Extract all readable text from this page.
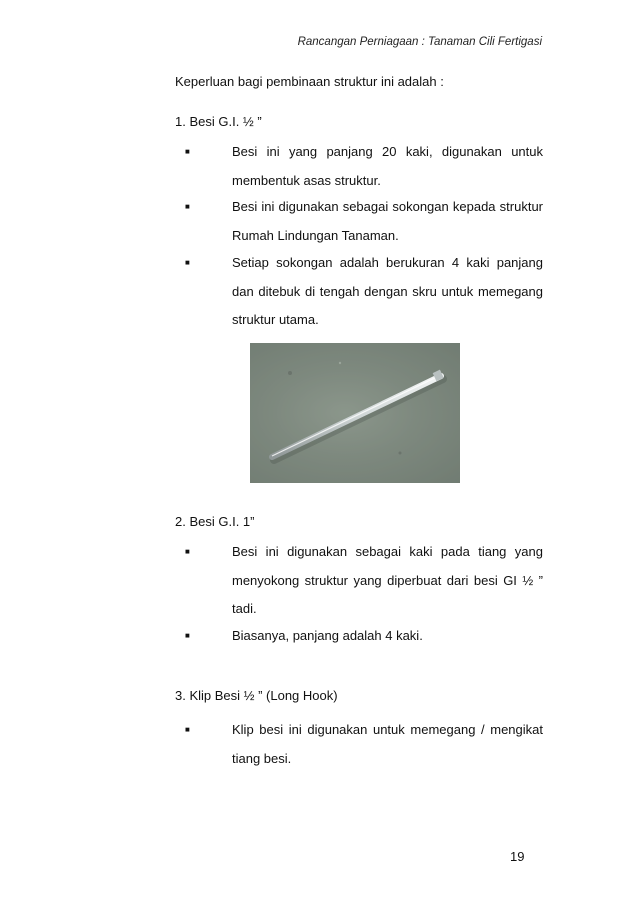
Rancangan Perniagaan : Tanaman Cili Fertigasi
Keperluan bagi pembinaan struktur ini adalah :
1. Besi G.I. ½ ”
■	Besi ini yang panjang 20 kaki, digunakan untuk membentuk asas struktur.
■	Besi ini digunakan sebagai sokongan kepada struktur Rumah Lindungan Tanaman.
■	Setiap sokongan adalah berukuran 4 kaki panjang dan ditebuk di tengah dengan skru untuk memegang struktur utama.
2. Besi G.I. 1”
■	Besi ini digunakan sebagai kaki pada tiang yang menyokong struktur yang diperbuat dari besi GI ½ ” tadi.
■	Biasanya, panjang adalah 4 kaki.
3. Klip Besi ½ ” (Long Hook)
■	Klip besi ini digunakan untuk memegang / mengikat tiang besi.
19
